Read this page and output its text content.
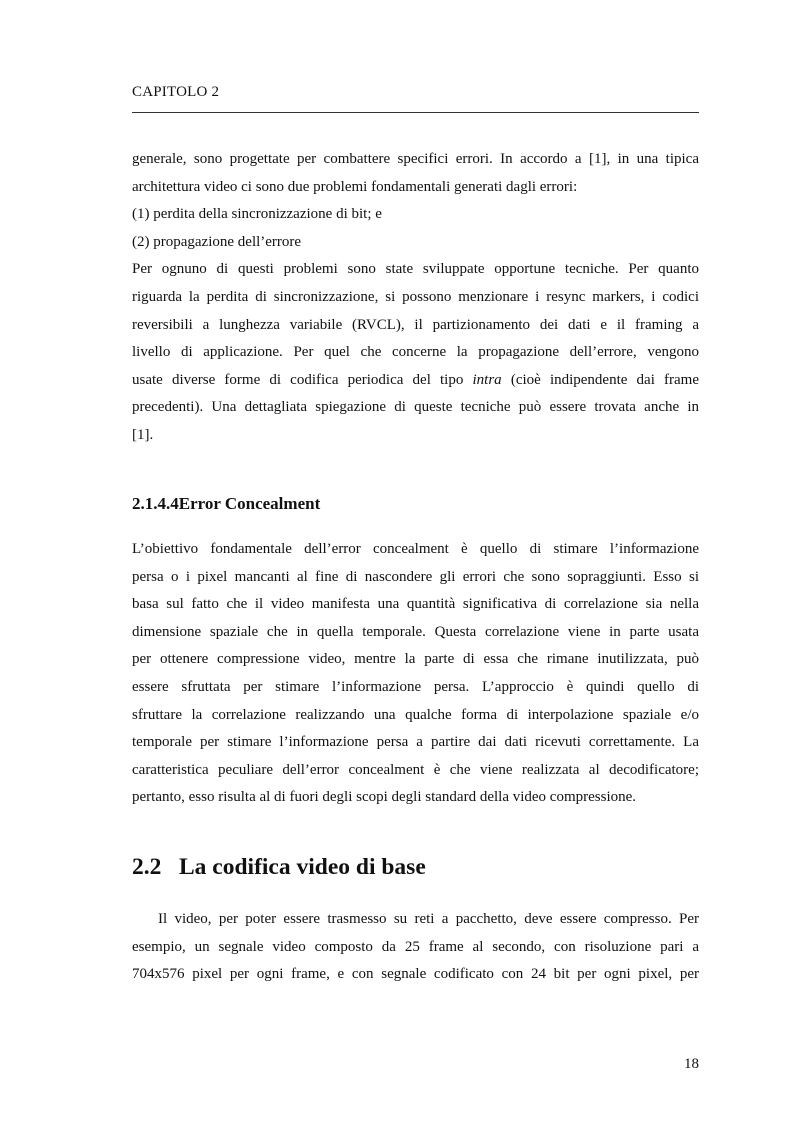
CAPITOLO 2
generale, sono progettate per combattere specifici errori. In accordo a [1], in una tipica
architettura video ci sono due problemi fondamentali generati dagli errori:
(1) perdita della sincronizzazione di bit; e
(2) propagazione dell’errore
Per ognuno di questi problemi sono state sviluppate opportune tecniche. Per quanto
riguarda la perdita di sincronizzazione, si possono menzionare i resync markers, i codici
reversibili a lunghezza variabile (RVCL), il partizionamento dei dati e il framing a
livello di applicazione. Per quel che concerne la propagazione dell’errore, vengono
usate diverse forme di codifica periodica del tipo intra (cioè indipendente dai frame
precedenti). Una dettagliata spiegazione di queste tecniche può essere trovata anche in
[1].
2.1.4.4Error Concealment
L’obiettivo fondamentale dell’error concealment è quello di stimare l’informazione
persa o i pixel mancanti al fine di nascondere gli errori che sono sopraggiunti. Esso si
basa sul fatto che il video manifesta una quantità significativa di correlazione sia nella
dimensione spaziale che in quella temporale. Questa correlazione viene in parte usata
per ottenere compressione video, mentre la parte di essa che rimane inutilizzata, può
essere sfruttata per stimare l’informazione persa. L’approccio è quindi quello di
sfruttare la correlazione realizzando una qualche forma di interpolazione spaziale e/o
temporale per stimare l’informazione persa a partire dai dati ricevuti correttamente. La
caratteristica peculiare dell’error concealment è che viene realizzata al decodificatore;
pertanto, esso risulta al di fuori degli scopi degli standard della video compressione.
2.2 La codifica video di base
Il video, per poter essere trasmesso su reti a pacchetto, deve essere compresso. Per
esempio, un segnale video composto da 25 frame al secondo, con risoluzione pari a
704x576 pixel per ogni frame, e con segnale codificato con 24 bit per ogni pixel, per
18
